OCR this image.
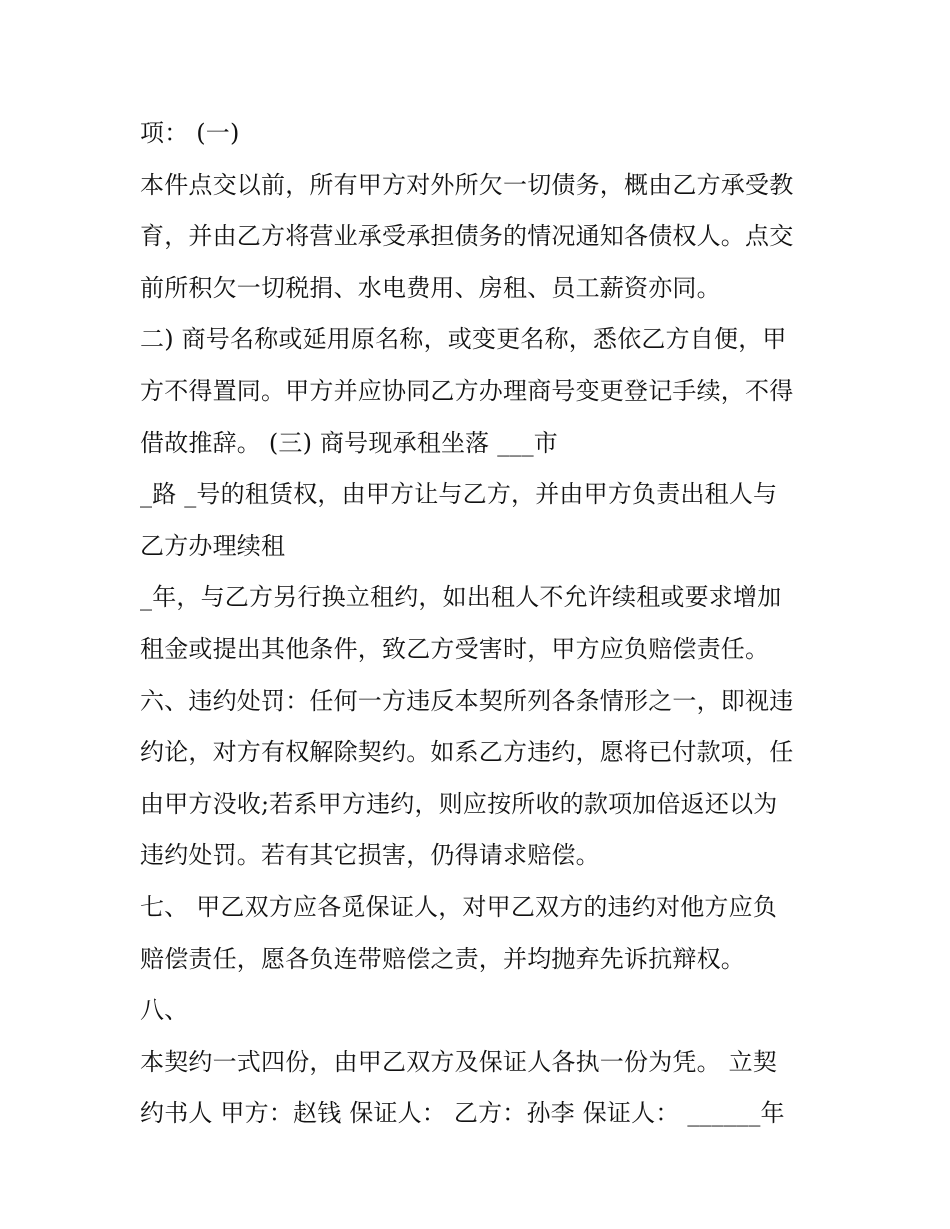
项： (一)
本件点交以前，所有甲方对外所欠一切债务，概由乙方承受教
育，并由乙方将营业承受承担债务的情况通知各债权人。点交
前所积欠一切税捐、水电费用、房租、员工薪资亦同。
二) 商号名称或延用原名称，或变更名称，悉依乙方自便，甲
方不得置同。甲方并应协同乙方办理商号变更登记手续，不得
借故推辞。 (三) 商号现承租坐落 ___市
_路 _号的租赁权，由甲方让与乙方，并由甲方负责出租人与
乙方办理续租
_年，与乙方另行换立租约，如出租人不允许续租或要求增加
租金或提出其他条件，致乙方受害时，甲方应负赔偿责任。
六、违约处罚：任何一方违反本契所列各条情形之一，即视违
约论，对方有权解除契约。如系乙方违约，愿将已付款项，任
由甲方没收;若系甲方违约，则应按所收的款项加倍返还以为
违约处罚。若有其它损害，仍得请求赔偿。
七、 甲乙双方应各觅保证人，对甲乙双方的违约对他方应负
赔偿责任，愿各负连带赔偿之责，并均抛弃先诉抗辩权。
八、
本契约一式四份，由甲乙双方及保证人各执一份为凭。 立契
约书人 甲方：赵钱 保证人： 乙方：孙李 保证人： ______年
